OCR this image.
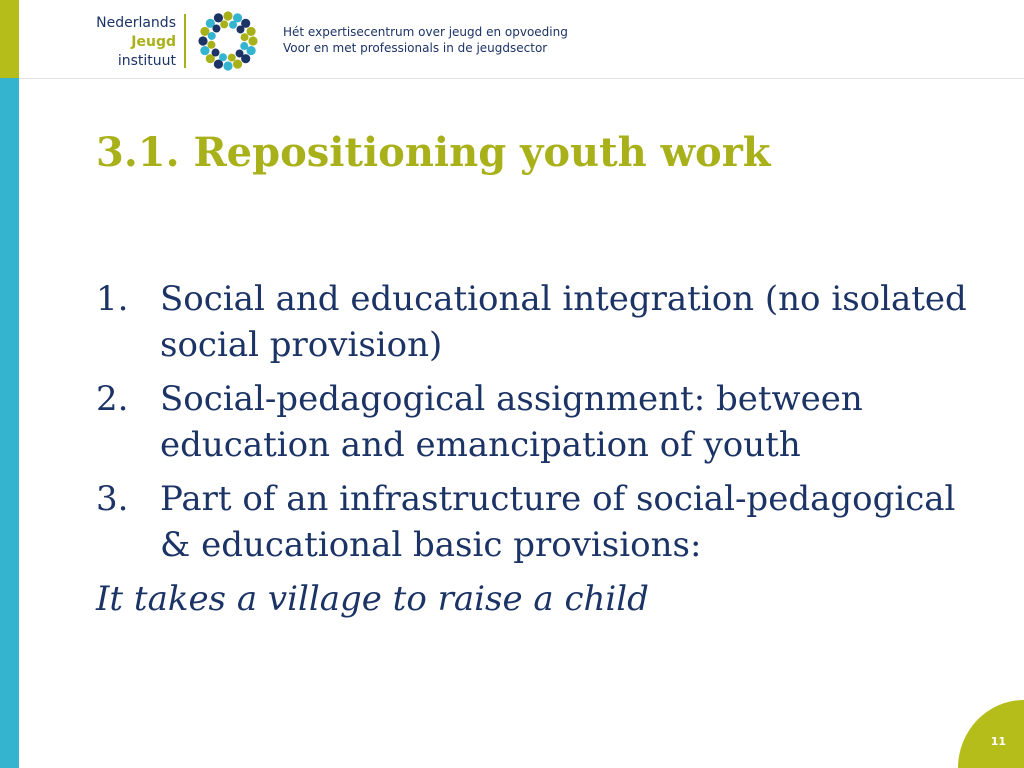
Nederlands
Jeugd
instituut
Hét expertisecentrum over jeugd en opvoeding
Voor en met professionals in de jeugdsector
3.1. Repositioning youth work
1. Social and educational integration (no isolated social provision)
2. Social-pedagogical assignment: between education and emancipation of youth
3. Part of an infrastructure of social-pedagogical & educational basic provisions:
It takes a village to raise a child
11
